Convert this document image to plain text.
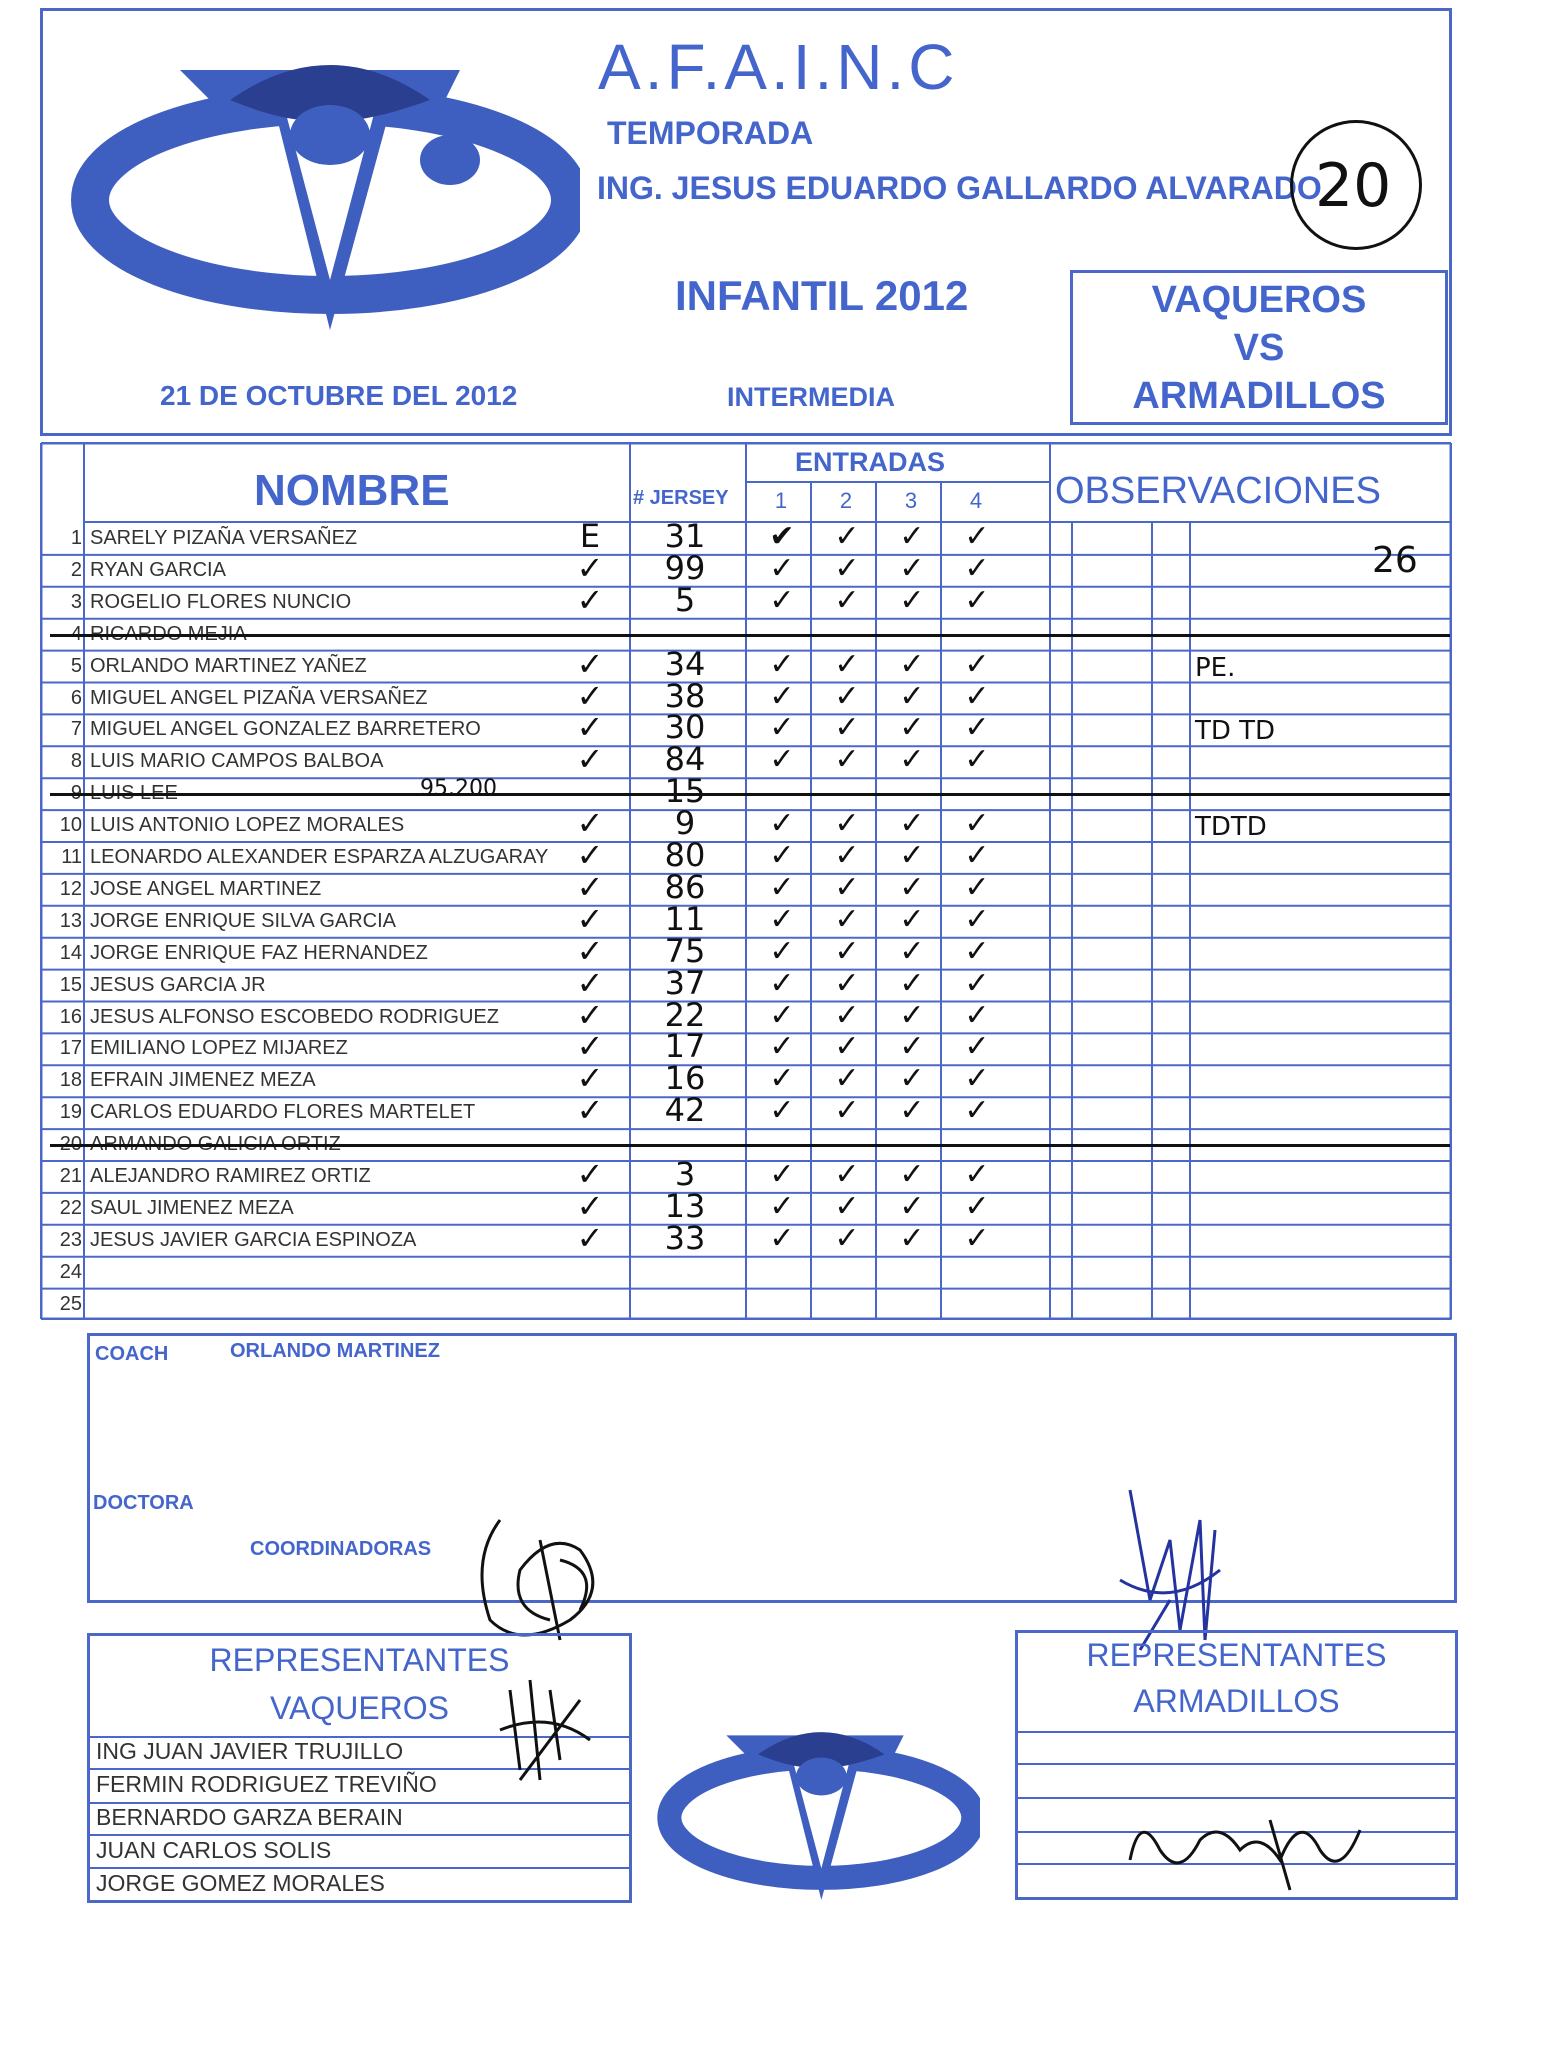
A.F.A.I.N.C
TEMPORADA
ING. JESUS EDUARDO GALLARDO ALVARADO
INFANTIL 2012
21 DE OCTUBRE DEL 2012	INTERMEDIA
VAQUEROS
VS
ARMADILLOS
20
NOMBRE	# JERSEY
ENTRADAS
OBSERVACIONES
1	2	3	4
1 SARELY PIZAÑA VERSAÑEZ	E	31	✔	✓	✓	✓
2 RYAN GARCIA	✓	99	✓	✓	✓	✓
3 ROGELIO FLORES NUNCIO	✓	5	✓	✓	✓	✓
4 RICARDO MEJIA
5 ORLANDO MARTINEZ YAÑEZ	✓	34	✓	✓	✓	✓	PE.
6 MIGUEL ANGEL PIZAÑA VERSAÑEZ	✓	38	✓	✓	✓	✓
7 MIGUEL ANGEL GONZALEZ BARRETERO	✓	30	✓	✓	✓	✓	TD TD
8 LUIS MARIO CAMPOS BALBOA	✓	84	✓	✓	✓	✓
9 LUIS LEE	15
95.200
10 LUIS ANTONIO LOPEZ MORALES	✓	9	✓	✓	✓	✓	TDTD
11 LEONARDO ALEXANDER ESPARZA ALZUGARAY ✓	80	✓	✓	✓	✓
12 JOSE ANGEL MARTINEZ	✓	86	✓	✓	✓	✓
13 JORGE ENRIQUE SILVA GARCIA	✓	11	✓	✓	✓	✓
14 JORGE ENRIQUE FAZ HERNANDEZ	✓	75	✓	✓	✓	✓
15 JESUS GARCIA JR	✓	37	✓	✓	✓	✓
16 JESUS ALFONSO ESCOBEDO RODRIGUEZ ✓	22	✓	✓	✓	✓
17 EMILIANO LOPEZ MIJAREZ	✓	17	✓	✓	✓	✓
18 EFRAIN JIMENEZ MEZA	✓	16	✓	✓	✓	✓
19 CARLOS EDUARDO FLORES MARTELET	✓	42	✓	✓	✓	✓
20 ARMANDO GALICIA ORTIZ
21 ALEJANDRO RAMIREZ ORTIZ	✓	3	✓	✓	✓	✓
22 SAUL JIMENEZ MEZA	✓	13	✓	✓	✓	✓
23 JESUS JAVIER GARCIA ESPINOZA	✓	33	✓	✓	✓	✓
24
25
26
COACH	ORLANDO MARTINEZ
DOCTORA
COORDINADORAS
REPRESENTANTES
VAQUEROS
ING JUAN JAVIER TRUJILLO
FERMIN RODRIGUEZ TREVIÑO
BERNARDO GARZA BERAIN
JUAN CARLOS SOLIS
JORGE GOMEZ MORALES
REPRESENTANTES
ARMADILLOS
